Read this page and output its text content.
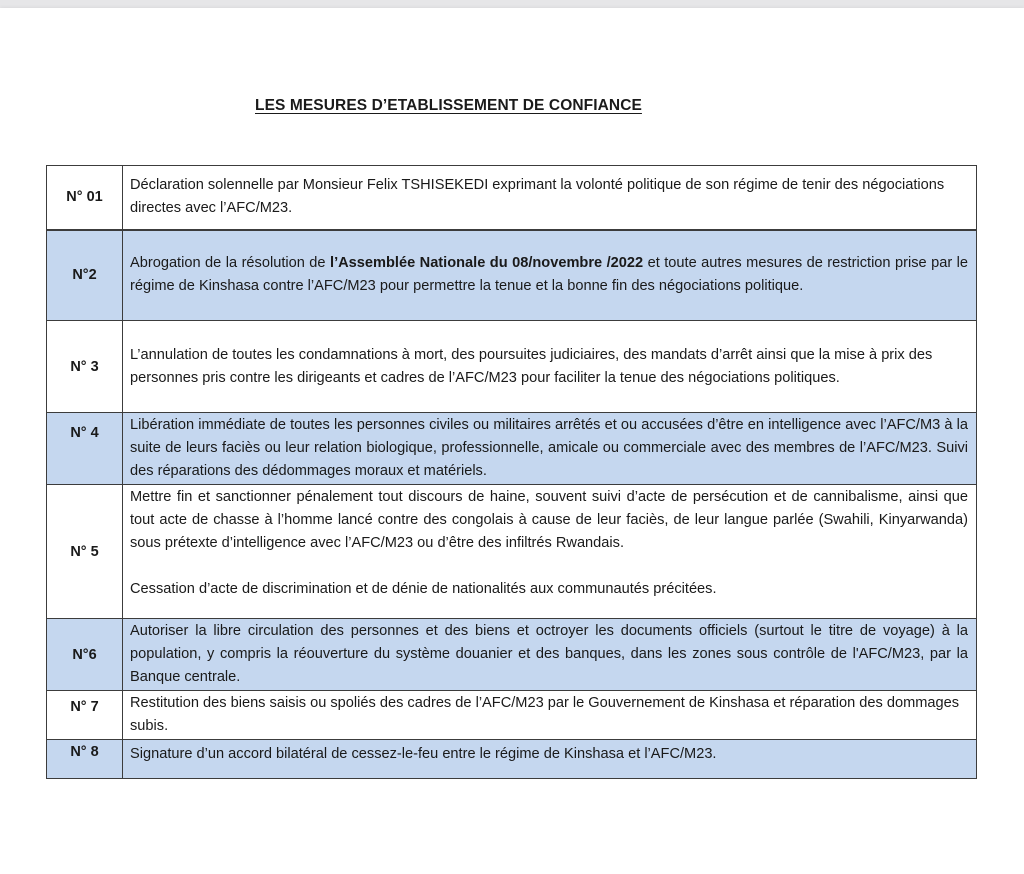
LES MESURES D’ETABLISSEMENT DE CONFIANCE
N° 01	Déclaration solennelle par Monsieur Felix TSHISEKEDI exprimant la volonté politique de son régime de tenir des négociations directes avec l’AFC/M23.
N°2	Abrogation de la résolution de l’Assemblée Nationale du 08/novembre /2022 et toute autres mesures de restriction prise par le régime de Kinshasa contre l’AFC/M23 pour permettre la tenue et la bonne fin des négociations politique.
N° 3	L’annulation de toutes les condamnations à mort, des poursuites judiciaires, des mandats d’arrêt ainsi que la mise à prix des personnes pris contre les dirigeants et cadres de l’AFC/M23 pour faciliter la tenue des négociations politiques.
N° 4	Libération immédiate de toutes les personnes civiles ou militaires arrêtés et ou accusées d’être en intelligence avec l’AFC/M3 à la suite de leurs faciès ou leur relation biologique, professionnelle, amicale ou commerciale avec des membres de l’AFC/M23. Suivi des réparations des dédommages moraux et matériels.
N° 5	Mettre fin et sanctionner pénalement tout discours de haine, souvent suivi d’acte de persécution et de cannibalisme, ainsi que tout acte de chasse à l’homme lancé contre des congolais à cause de leur faciès, de leur langue parlée (Swahili, Kinyarwanda) sous prétexte d’intelligence avec l’AFC/M23 ou d’être des infiltrés Rwandais.
Cessation d’acte de discrimination et de dénie de nationalités aux communautés précitées.
N°6	Autoriser la libre circulation des personnes et des biens et octroyer les documents officiels (surtout le titre de voyage) à la population, y compris la réouverture du système douanier et des banques, dans les zones sous contrôle de l'AFC/M23, par la Banque centrale.
N° 7	Restitution des biens saisis ou spoliés des cadres de l’AFC/M23 par le Gouvernement de Kinshasa et réparation des dommages subis.
N° 8	Signature d’un accord bilatéral de cessez-le-feu entre le régime de Kinshasa et l’AFC/M23.
